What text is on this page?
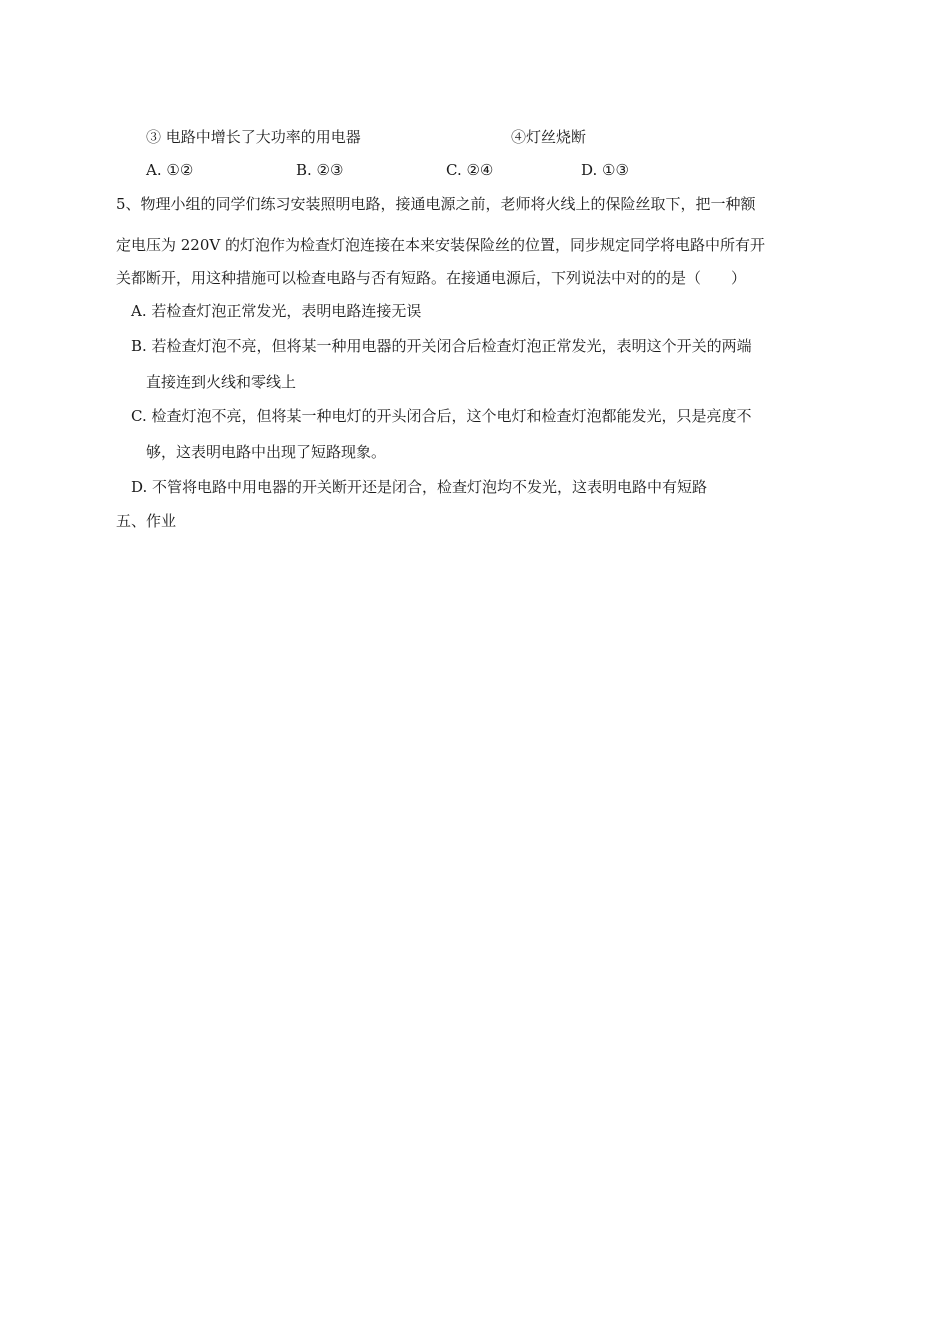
③ 电路中增长了大功率的用电器	④灯丝烧断
A. ①②	B. ②③	C. ②④	D. ①③
5、物理小组的同学们练习安装照明电路，接通电源之前，老师将火线上的保险丝取下，把一种额
定电压为 220V 的灯泡作为检查灯泡连接在本来安装保险丝的位置，同步规定同学将电路中所有开
关都断开，用这种措施可以检查电路与否有短路。在接通电源后，下列说法中对的的是（　　）
A. 若检查灯泡正常发光，表明电路连接无误
B. 若检查灯泡不亮，但将某一种用电器的开关闭合后检查灯泡正常发光，表明这个开关的两端
直接连到火线和零线上
C. 检查灯泡不亮，但将某一种电灯的开头闭合后，这个电灯和检查灯泡都能发光，只是亮度不
够，这表明电路中出现了短路现象。
D. 不管将电路中用电器的开关断开还是闭合，检查灯泡均不发光，这表明电路中有短路
五、作业
